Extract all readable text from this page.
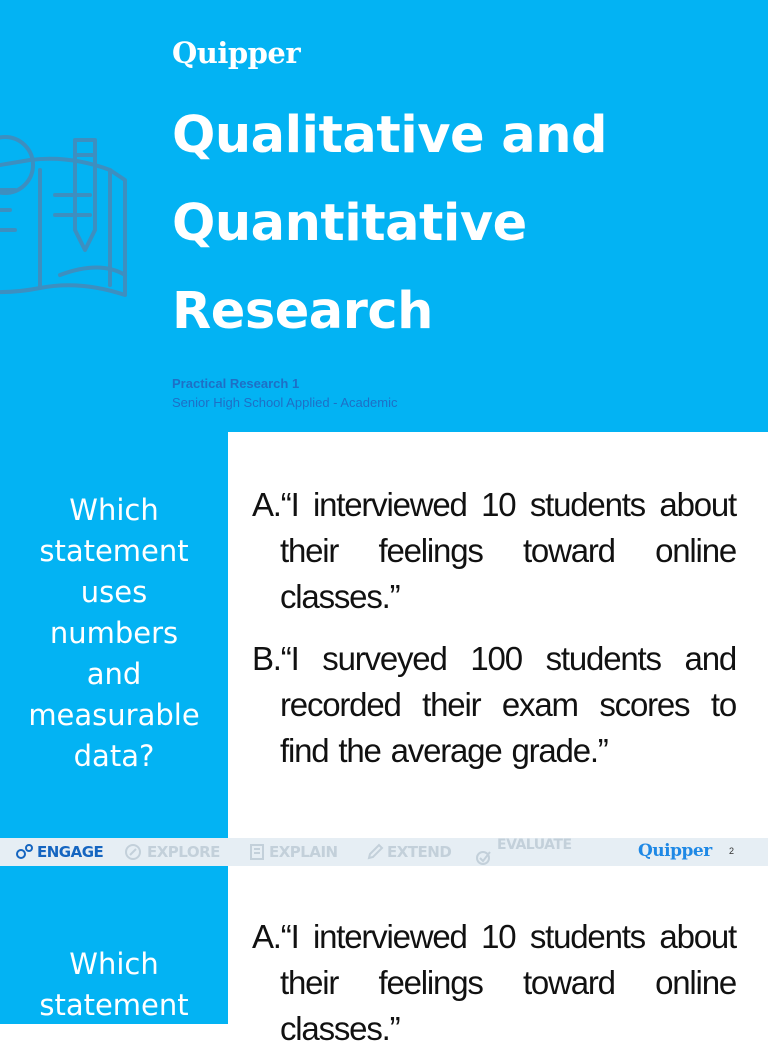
Quipper
Qualitative and
Quantitative
Research
Practical Research 1
Senior High School Applied - Academic
Which
statement
uses
numbers
and
measurable
data?
A.“I interviewed 10 students about their feelings toward online classes.”
B.“I surveyed 100 students and recorded their exam scores to find the average grade.”
ENGAGE	EXPLORE	EXPLAIN	EXTEND	EVALUATE	Quipper 2
Which
statement
A.“I interviewed 10 students about their feelings toward online classes.”
